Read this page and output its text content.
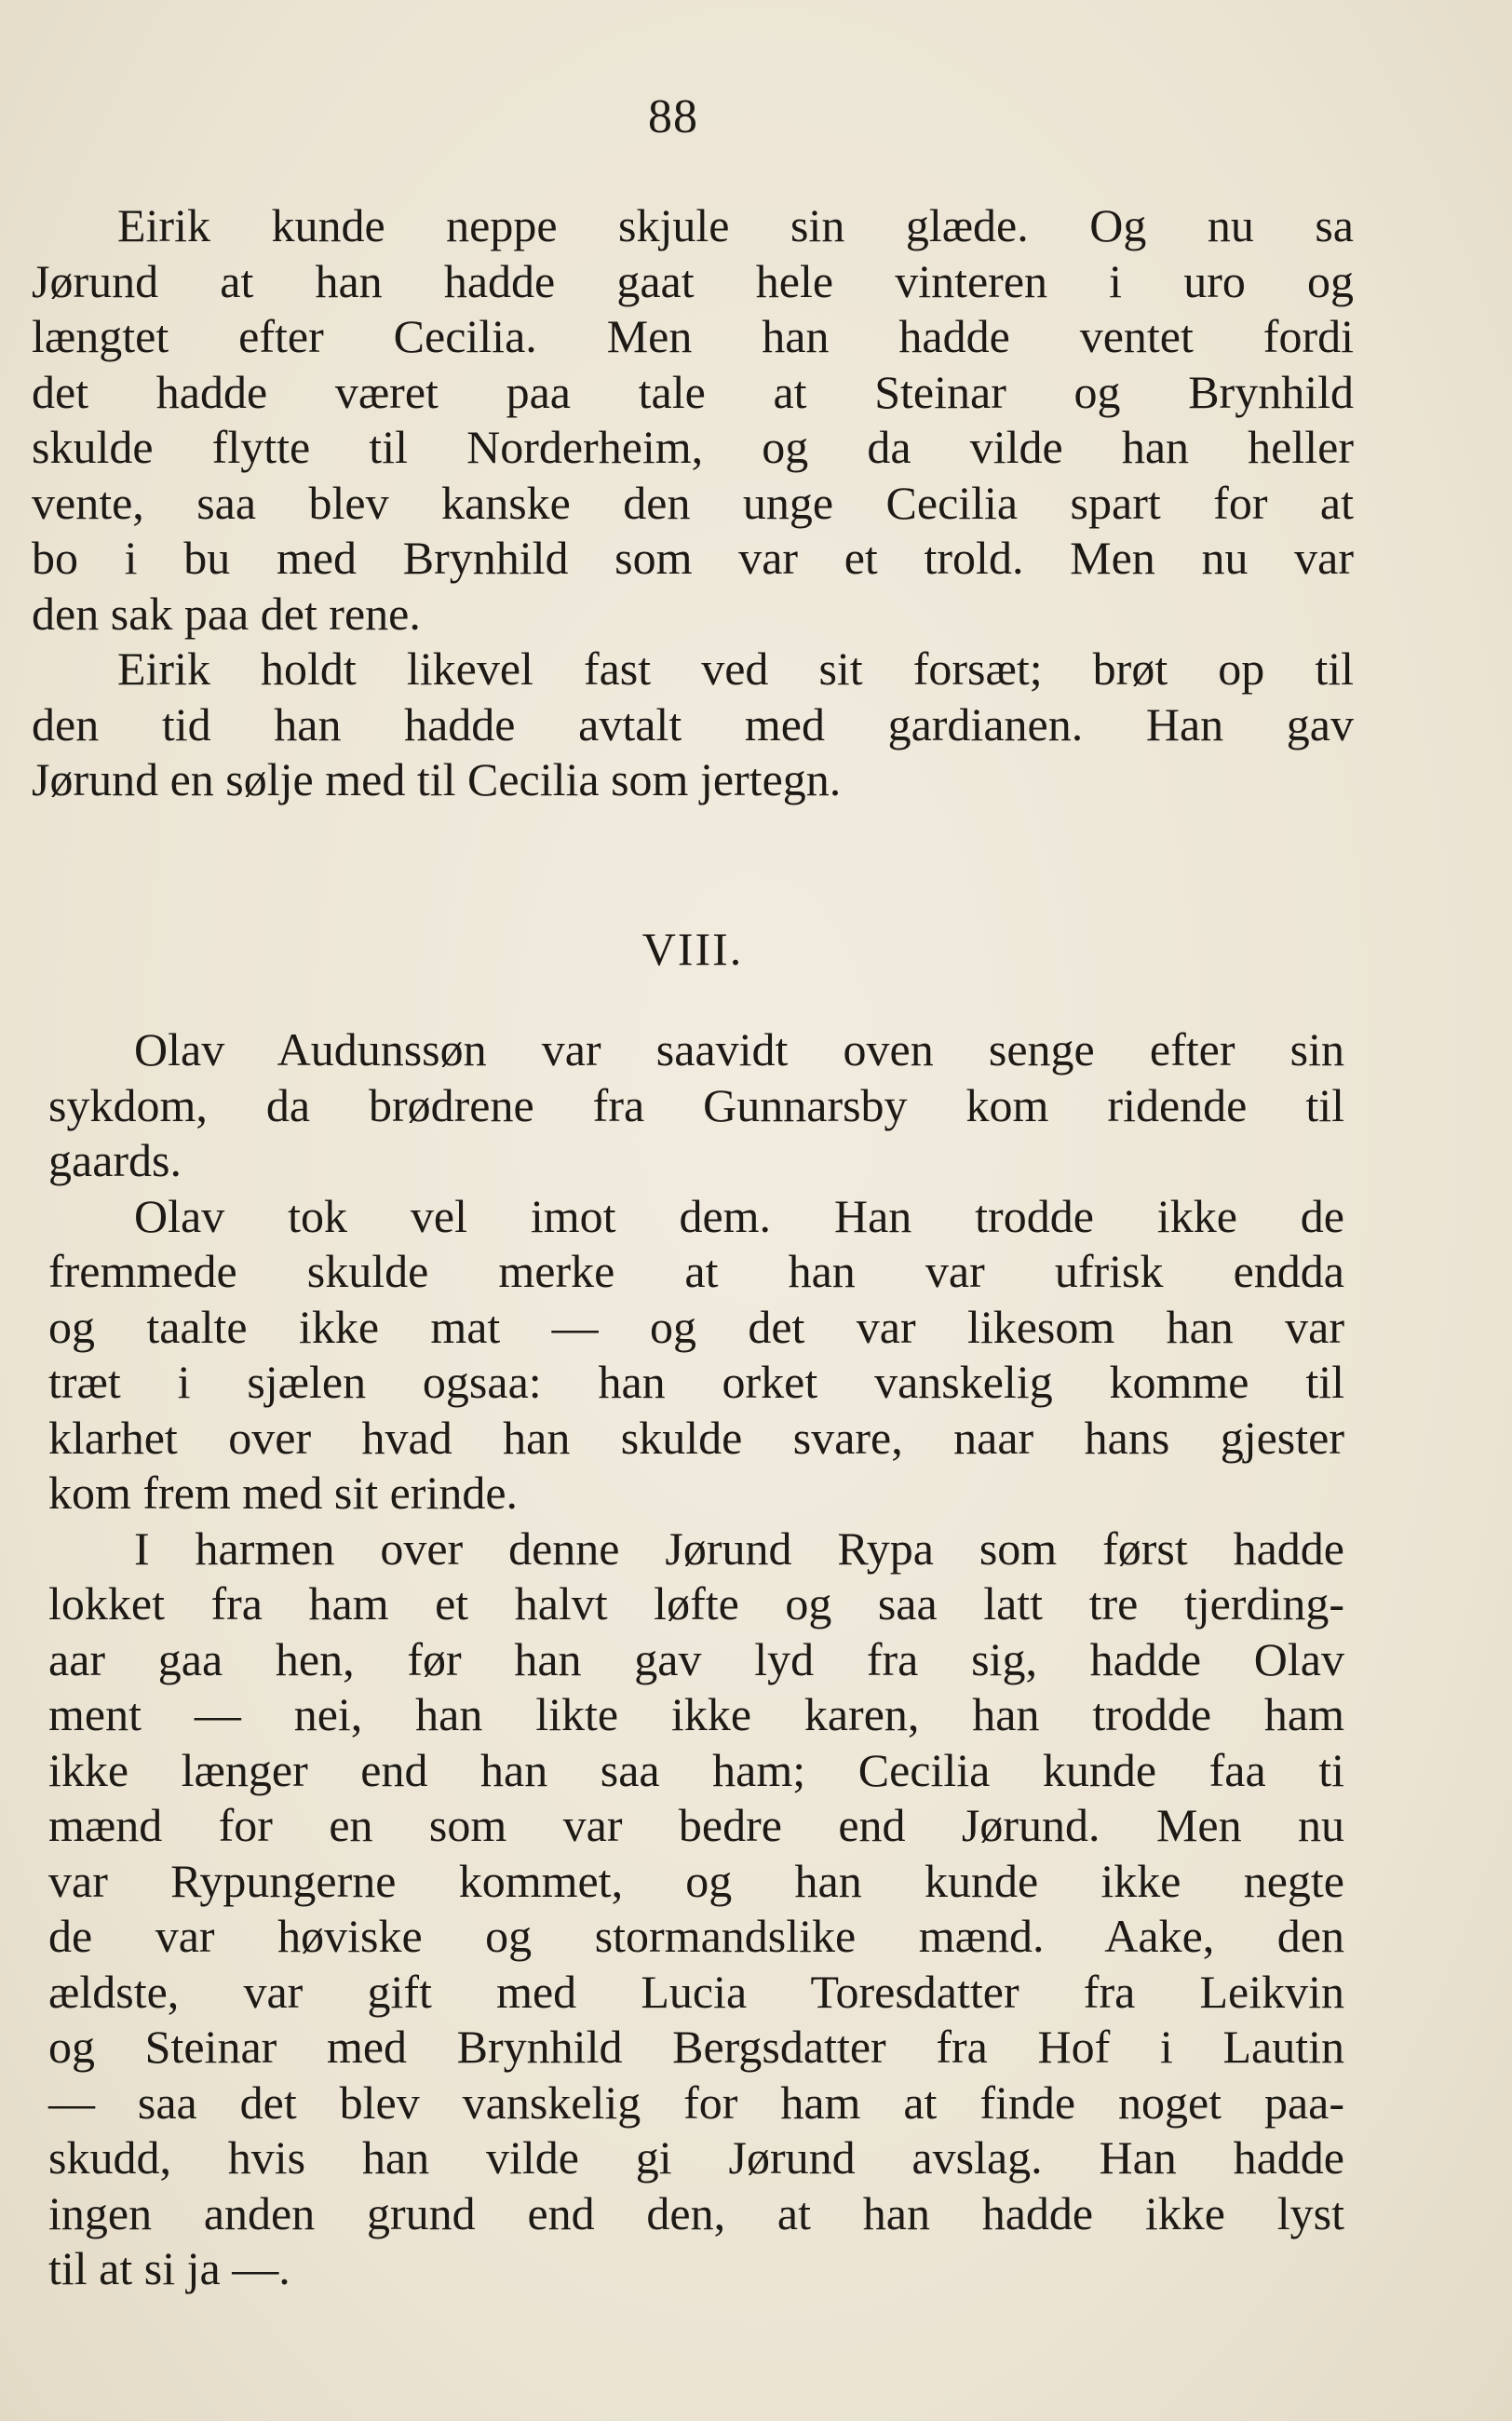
88
Eirik kunde neppe skjule sin glæde. Og nu sa
Jørund at han hadde gaat hele vinteren i uro og
længtet efter Cecilia. Men han hadde ventet fordi
det hadde været paa tale at Steinar og Brynhild
skulde flytte til Norderheim, og da vilde han heller
vente, saa blev kanske den unge Cecilia spart for at
bo i bu med Brynhild som var et trold. Men nu var
den sak paa det rene.
Eirik holdt likevel fast ved sit forsæt; brøt op til
den tid han hadde avtalt med gardianen. Han gav
Jørund en sølje med til Cecilia som jertegn.
VIII.
Olav Audunssøn var saavidt oven senge efter sin
sykdom, da brødrene fra Gunnarsby kom ridende til
gaards.
Olav tok vel imot dem. Han trodde ikke de
fremmede skulde merke at han var ufrisk endda
og taalte ikke mat — og det var likesom han var
træt i sjælen ogsaa: han orket vanskelig komme til
klarhet over hvad han skulde svare, naar hans gjester
kom frem med sit erinde.
I harmen over denne Jørund Rypa som først hadde
lokket fra ham et halvt løfte og saa latt tre tjerding-
aar gaa hen, før han gav lyd fra sig, hadde Olav
ment — nei, han likte ikke karen, han trodde ham
ikke længer end han saa ham; Cecilia kunde faa ti
mænd for en som var bedre end Jørund. Men nu
var Rypungerne kommet, og han kunde ikke negte
de var høviske og stormandslike mænd. Aake, den
ældste, var gift med Lucia Toresdatter fra Leikvin
og Steinar med Brynhild Bergsdatter fra Hof i Lautin
— saa det blev vanskelig for ham at finde noget paa-
skudd, hvis han vilde gi Jørund avslag. Han hadde
ingen anden grund end den, at han hadde ikke lyst
til at si ja —.
